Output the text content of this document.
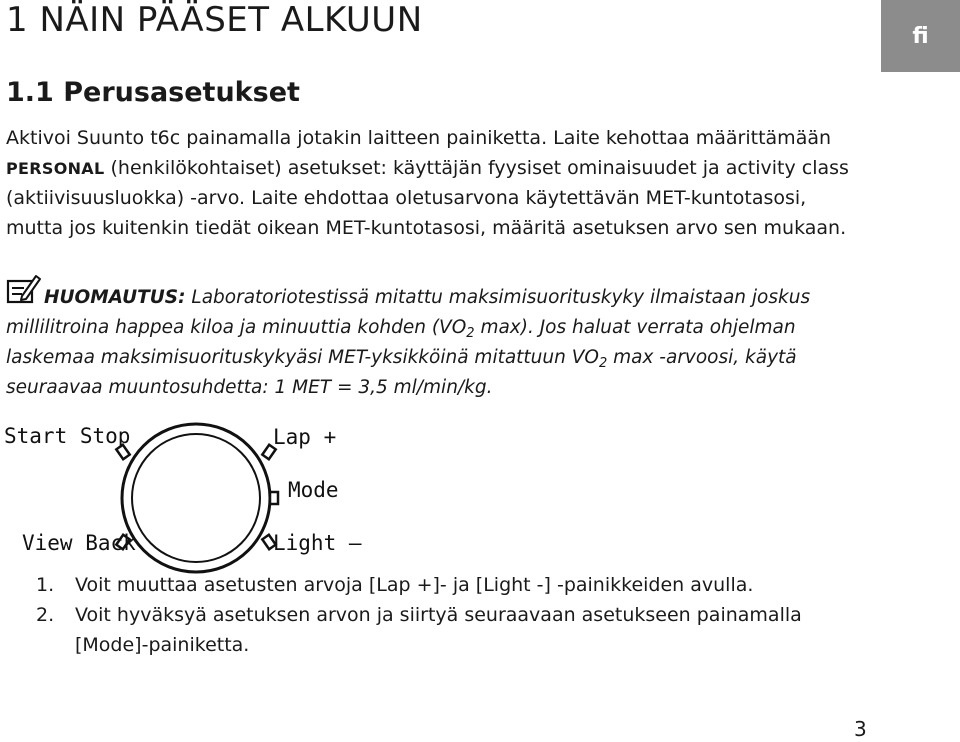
1 NÄIN PÄÄSET ALKUUN	fi
1.1 Perusasetukset
Aktivoi Suunto t6c painamalla jotakin laitteen painiketta. Laite kehottaa määrittämään
PERSONAL (henkilökohtaiset) asetukset: käyttäjän fyysiset ominaisuudet ja activity class
(aktiivisuusluokka) -arvo. Laite ehdottaa oletusarvona käytettävän MET-kuntotasosi,
mutta jos kuitenkin tiedät oikean MET-kuntotasosi, määritä asetuksen arvo sen mukaan.
HUOMAUTUS: Laboratoriotestissä mitattu maksimisuorituskyky ilmaistaan joskus
millilitroina happea kiloa ja minuuttia kohden ($VO_2$ max). Jos haluat verrata ohjelman
laskemaa maksimisuorituskykyäsi MET-yksikköinä mitattuun $VO_2$ max -arvoosi, käytä
seuraavaa muuntosuhdetta: 1 MET = 3,5 ml/min/kg.
Start Stop
View Back
Lap +
Mode
Light –
1. Voit muuttaa asetusten arvoja [Lap +]- ja [Light -] -painikkeiden avulla.
2. Voit hyväksyä asetuksen arvon ja siirtyä seuraavaan asetukseen painamalla
[Mode]-painiketta.
3
